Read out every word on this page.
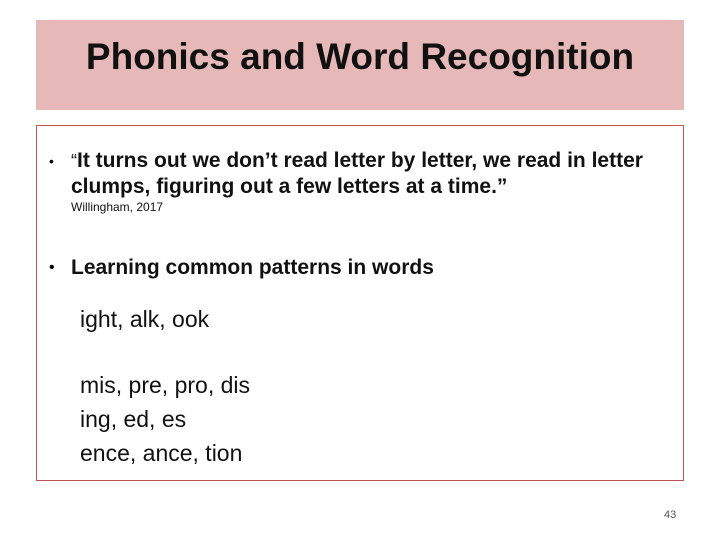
Phonics and Word Recognition
• “It turns out we don’t read letter by letter, we read in letter clumps, figuring out a few letters at a time.”
Willingham, 2017
• Learning common patterns in words
ight, alk, ook
mis, pre, pro, dis
ing, ed, es
ence, ance, tion
43
